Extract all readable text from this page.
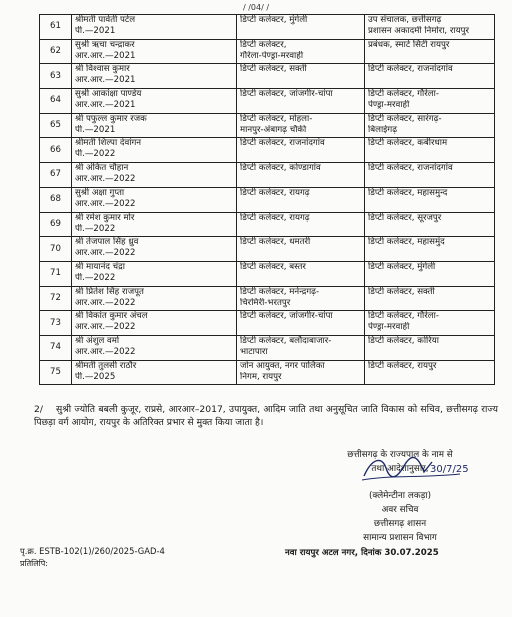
/ /04/ /
61	श्रीमती पार्वती पटेल
पी.—2021	डिप्टी कलेक्टर, मुंगेली	उप संचालक, छत्तीसगढ़
प्रशासन अकादमी निमोरा, रायपुर

62	सुश्री ऋचा चन्द्राकर
आर.आर.—2021	डिप्टी कलेक्टर,
गौरेला-पेण्ड्रा-मरवाही	प्रबंधक, स्मार्ट सिटी रायपुर

63	श्री विश्वास कुमार
आर.आर.—2021	डिप्टी कलेक्टर, सक्ती	डिप्टी कलेक्टर, राजनांदगांव

64	सुश्री आकांक्षा पाण्डेय
आर.आर.—2021	डिप्टी कलेक्टर, जांजगीर-चांपा	डिप्टी कलेक्टर, गौरेला-
पेण्ड्रा-मरवाही

65	श्री पफुल्ल कुमार रजक
पी.—2021	डिप्टी कलेक्टर, मोहला-
मानपुर-अंबागढ़ चौकी	डिप्टी कलेक्टर, सारंगढ़-
बिलाईगढ़

66	श्रीमती शिल्पा देवांगन
पी.—2022	डिप्टी कलेक्टर, राजनांदगांव	डिप्टी कलेक्टर, कबीरधाम

67	श्री अंकित चौहान
आर.आर.—2022	डिप्टी कलेक्टर, कोण्डागांव	डिप्टी कलेक्टर, राजनांदगांव

68	सुश्री अक्षा गुप्ता
आर.आर.—2022	डिप्टी कलेक्टर, रायगढ़	डिप्टी कलेक्टर, महासमुन्द

69	श्री रमेश कुमार मोर
पी.—2022	डिप्टी कलेक्टर, रायगढ़	डिप्टी कलेक्टर, सूरजपुर

70	श्री तेजपाल सिंह ध्रुव
आर.आर.—2022	डिप्टी कलेक्टर, धमतरी	डिप्टी कलेक्टर, महासमुंद

71	श्री मायानंद चंद्रा
पी.—2022	डिप्टी कलेक्टर, बस्तर	डिप्टी कलेक्टर, मुंगेली

72	श्री प्रितेश सिंह राजपूत
आर.आर.—2022	डिप्टी कलेक्टर, मनेन्द्रगढ़-
चिरमिरी-भरतपुर	डिप्टी कलेक्टर, सक्ती

73	श्री विकांत कुमार अंचल
आर.आर.—2022	डिप्टी कलेक्टर, जांजगीर-चांपा	डिप्टी कलेक्टर, गौरेला-
पेण्ड्रा-मरवाही

74	श्री अंशुल वर्मा
आर.आर.—2022	डिप्टी कलेक्टर, बलौदाबाजार-
भाटापारा	डिप्टी कलेक्टर, कोरिया

75	श्रीमती तुलसी राठौर
पी.—2025	जोन आयुक्त, नगर पालिका
निगम, रायपुर	डिप्टी कलेक्टर, रायपुर
2/ सुश्री ज्योति बबली कुजूर, राप्रसे, आरआर–2017, उपायुक्त, आदिम जाति तथा अनुसूचित जाति विकास को सचिव, छत्तीसगढ़ राज्य पिछड़ा वर्ग आयोग, रायपुर के अतिरिक्त प्रभार से मुक्त किया जाता है।
छत्तीसगढ़ के राज्यपाल के नाम से
तथा आदेशानुसार, 30/7/25
(क्लेमेन्टीना लकड़ा)
अवर सचिव
छत्तीसगढ़ शासन
सामान्य प्रशासन विभाग
पृ.क्र. ESTB-102(1)/260/2025-GAD-4	नवा रायपुर अटल नगर, दिनांक 30.07.2025
प्रतिलिपि:
